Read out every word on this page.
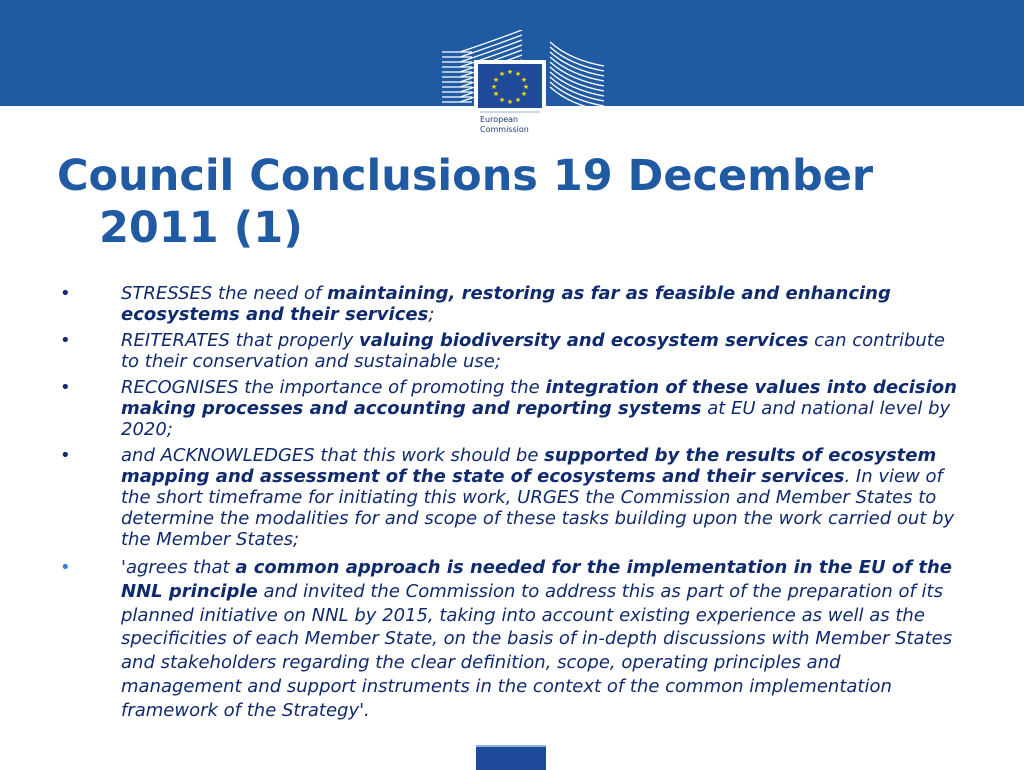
★ ★
★
★
★
★
★
★
★
★
★
★
European
Commission
Council Conclusions 19 December 2011 (1)
•	STRESSES the need of maintaining, restoring as far as feasible and enhancing ecosystems and their services;
•	REITERATES that properly valuing biodiversity and ecosystem services can contribute to their conservation and sustainable use;
•	RECOGNISES the importance of promoting the integration of these values into decision making processes and accounting and reporting systems at EU and national level by 2020;
•	and ACKNOWLEDGES that this work should be supported by the results of ecosystem mapping and assessment of the state of ecosystems and their services. In view of the short timeframe for initiating this work, URGES the Commission and Member States to determine the modalities for and scope of these tasks building upon the work carried out by the Member States;
•	'agrees that a common approach is needed for the implementation in the EU of the NNL principle and invited the Commission to address this as part of the preparation of its planned initiative on NNL by 2015, taking into account existing experience as well as the specificities of each Member State, on the basis of in-depth discussions with Member States and stakeholders regarding the clear definition, scope, operating principles and management and support instruments in the context of the common implementation framework of the Strategy'.
